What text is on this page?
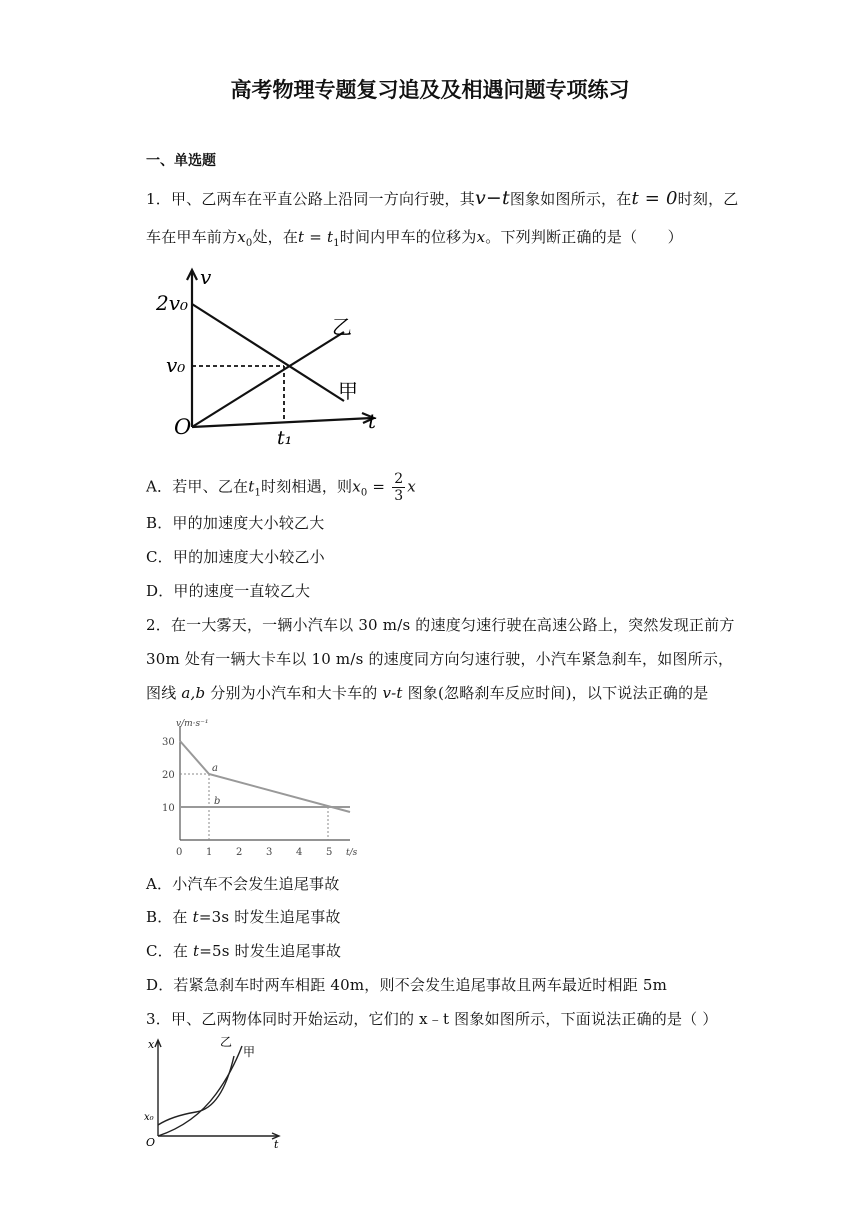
高考物理专题复习追及及相遇问题专项练习
一、单选题
1．甲、乙两车在平直公路上沿同一方向行驶，其v−t图象如图所示，在t = 0时刻，乙
车在甲车前方$x_0$处，在$t = t_1$时间内甲车的位移为x。下列判断正确的是（　　）
v
t
O
2v₀
v₀
t₁
甲
乙
A．若甲、乙在$t_1$时刻相遇，则$x_0 = \frac{2}{3}$ x
B．甲的加速度大小较乙大
C．甲的加速度大小较乙小
D．甲的速度一直较乙大
2．在一大雾天，一辆小汽车以 30 m/s 的速度匀速行驶在高速公路上，突然发现正前方
30m 处有一辆大卡车以 10 m/s 的速度同方向匀速行驶，小汽车紧急刹车，如图所示，
图线 a,b 分别为小汽车和大卡车的 v-t 图象(忽略刹车反应时间)，以下说法正确的是
v/m·s⁻¹
30
20
10
0 1 2 3 4 5 t/s
a
b
A．小汽车不会发生追尾事故
B．在 t=3s 时发生追尾事故
C．在 t=5s 时发生追尾事故
D．若紧急刹车时两车相距 40m，则不会发生追尾事故且两车最近时相距 5m
3．甲、乙两物体同时开始运动，它们的 x﹣t 图象如图所示，下面说法正确的是（ ）
x
t
O
x₀
乙
甲
